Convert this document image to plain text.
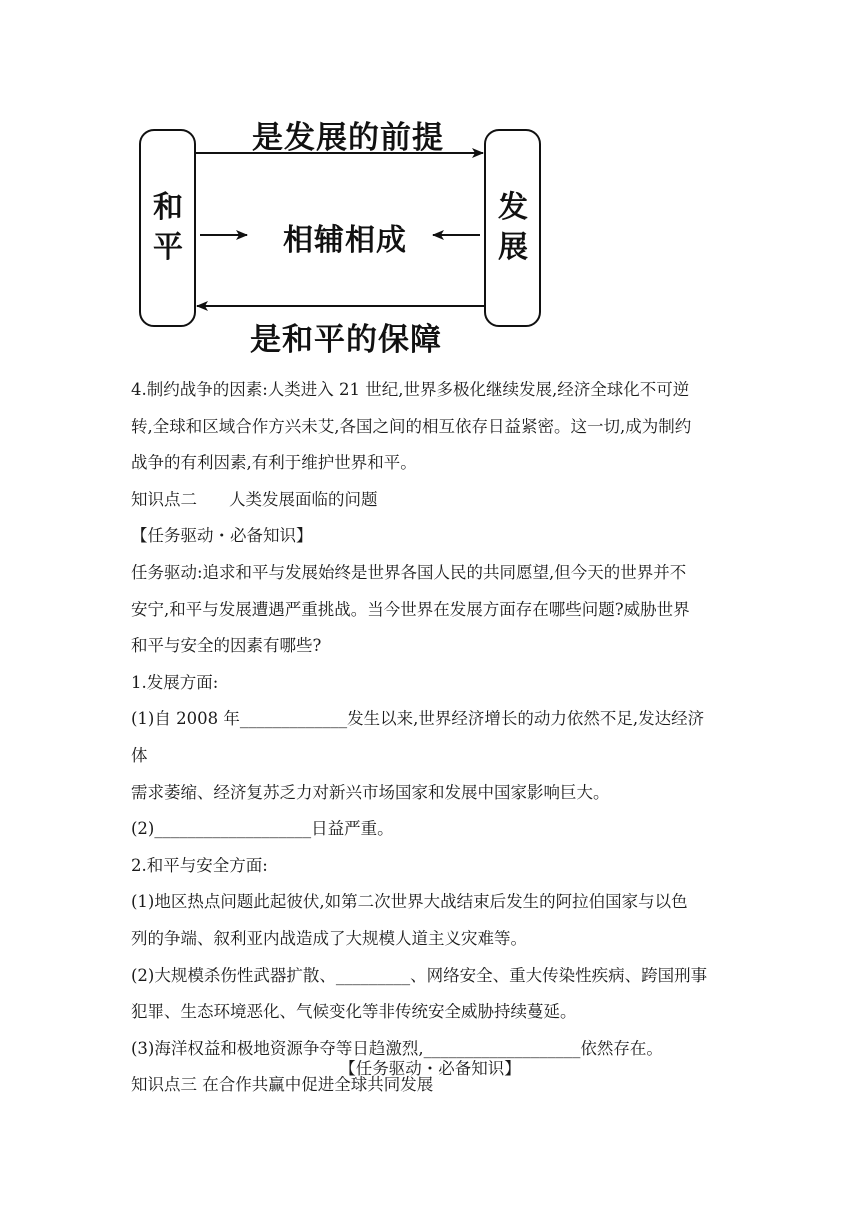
是发展的前提
和
平
发
展
相辅相成
是和平的保障
4.制约战争的因素:人类进入 21 世纪,世界多极化继续发展,经济全球化不可逆
转,全球和区域合作方兴未艾,各国之间的相互依存日益紧密。这一切,成为制约
战争的有利因素,有利于维护世界和平。
知识点二 人类发展面临的问题
【任务驱动・必备知识】
任务驱动:追求和平与发展始终是世界各国人民的共同愿望,但今天的世界并不
安宁,和平与发展遭遇严重挑战。当今世界在发展方面存在哪些问题?威胁世界
和平与安全的因素有哪些?
1.发展方面:
(1)自 2008 年_____________发生以来,世界经济增长的动力依然不足,发达经济
体
需求萎缩、经济复苏乏力对新兴市场国家和发展中国家影响巨大。
(2)___________________日益严重。
2.和平与安全方面:
(1)地区热点问题此起彼伏,如第二次世界大战结束后发生的阿拉伯国家与以色
列的争端、叙利亚内战造成了大规模人道主义灾难等。
(2)大规模杀伤性武器扩散、_________、网络安全、重大传染性疾病、跨国刑事
犯罪、生态环境恶化、气候变化等非传统安全威胁持续蔓延。
(3)海洋权益和极地资源争夺等日趋激烈,___________________依然存在。
知识点三 在合作共赢中促进全球共同发展
【任务驱动・必备知识】
